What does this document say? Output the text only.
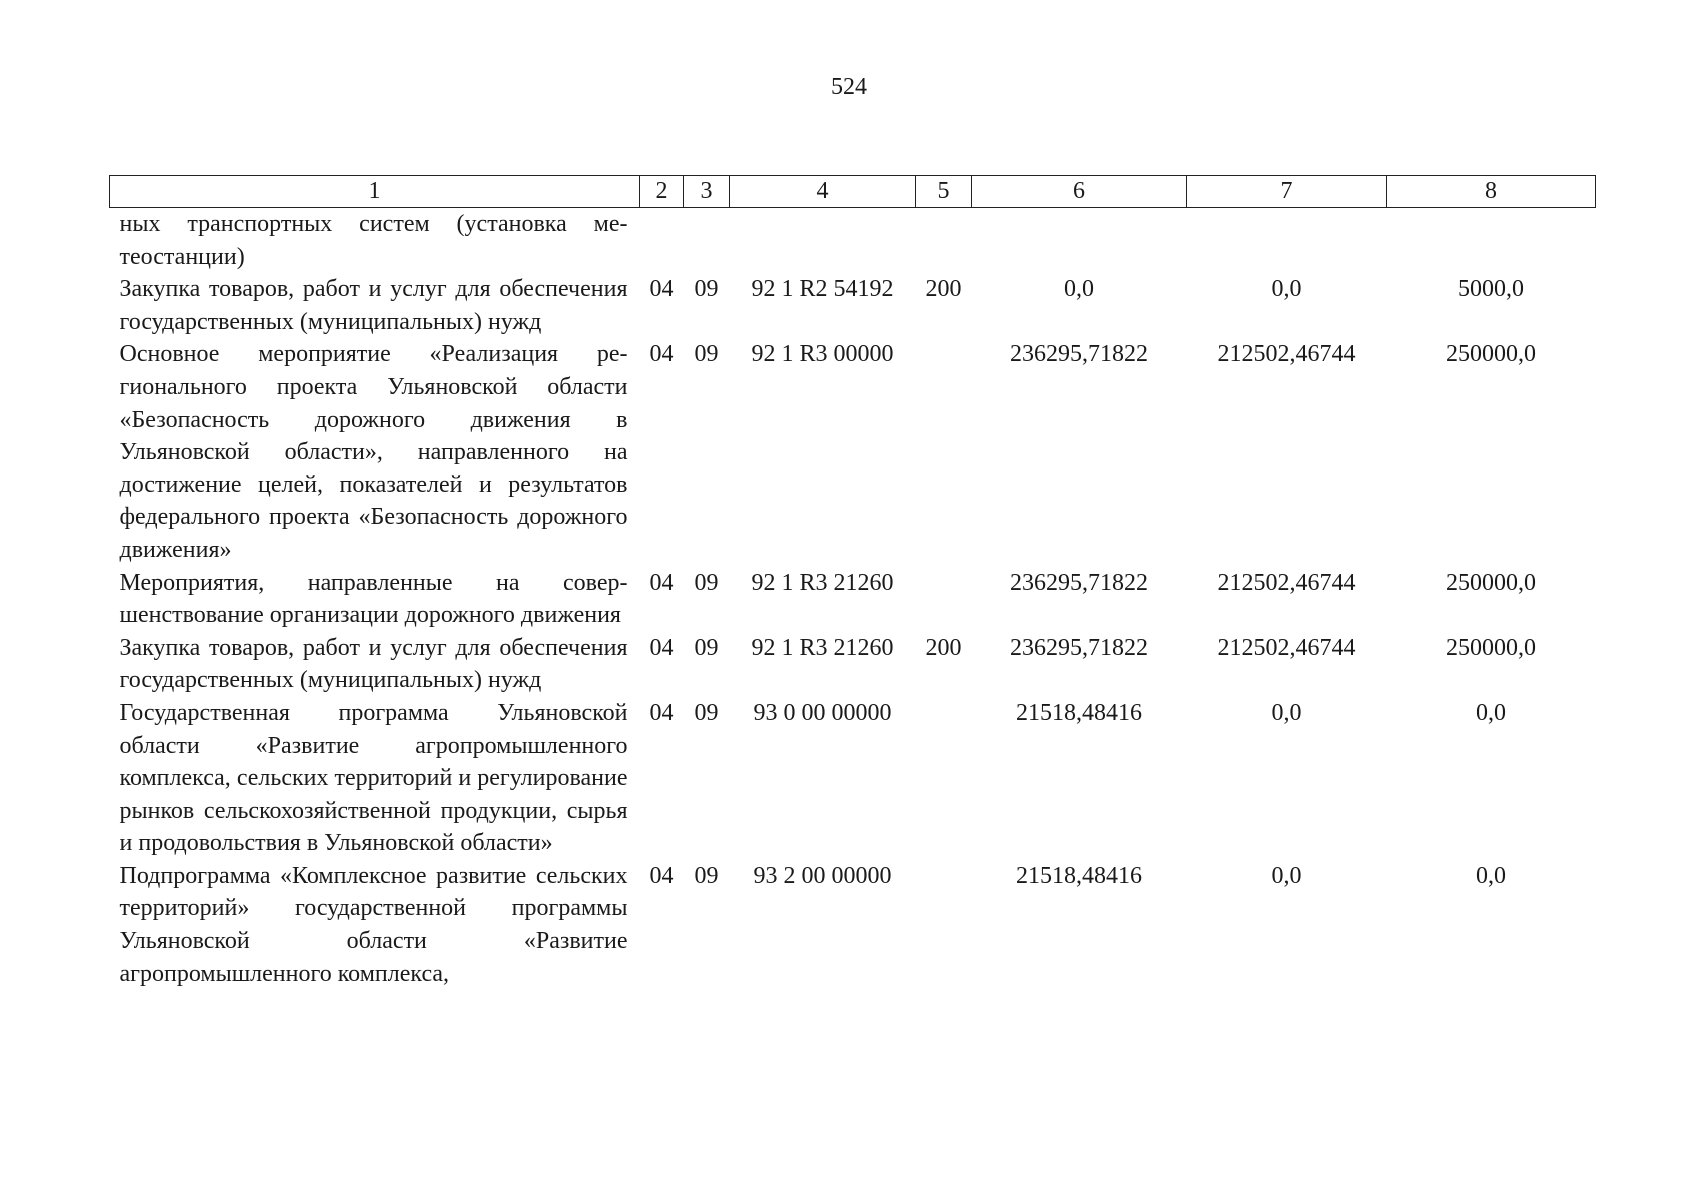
524
1	2	3	4	5	6	7	8
ных транспортных систем (установка метеостанции)							
Закупка товаров, работ и услуг для обеспечения государственных (муниципальных) нужд	04	09	92 1 R2 54192	200	0,0	0,0	5000,0
Основное мероприятие «Реализация регионального проекта Ульяновской области «Безопасность дорожного движения в Ульяновской области», направленного на достижение целей, показателей и результатов федерального проекта «Безопасность дорожного движения»	04	09	92 1 R3 00000		236295,71822	212502,46744	250000,0
Мероприятия, направленные на совершенствование организации дорожного движения	04	09	92 1 R3 21260		236295,71822	212502,46744	250000,0
Закупка товаров, работ и услуг для обеспечения государственных (муниципальных) нужд	04	09	92 1 R3 21260	200	236295,71822	212502,46744	250000,0
Государственная программа Ульяновской области «Развитие агропромышленного комплекса, сельских территорий и регулирование рынков сельскохозяйственной продукции, сырья и продовольствия в Ульяновской области»	04	09	93 0 00 00000		21518,48416	0,0	0,0
Подпрограмма «Комплексное развитие сельских территорий» государственной программы Ульяновской области «Развитие агропромышленного комплекса,	04	09	93 2 00 00000		21518,48416	0,0	0,0
